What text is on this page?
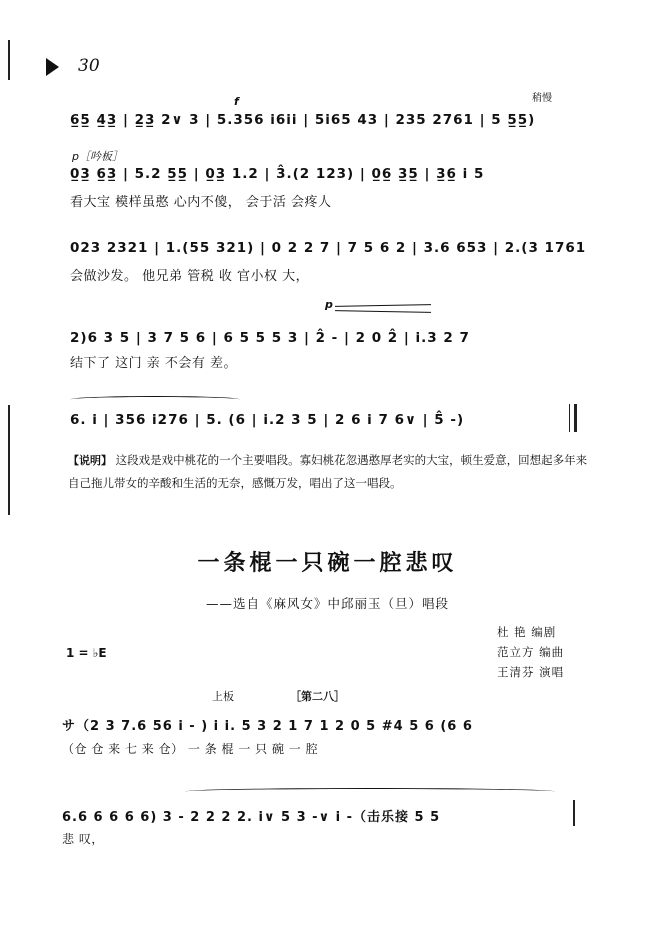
30
f	稍慢
6̲5̲ 4̲3̲ | 2̲3̲ 2∨ 3 | 5.356 i6ii | 5i65 43 | 235 2761 | 5 5̲5̲)
p［吟板］
0̲3̲ 6̲3̲ | 5.2 5̲5̲ | 0̲3̲ 1.2 | 3̂.(2 123) | 0̲6̲ 3̲5̲ | 3̲6̲ i 5
看大宝 模样虽憨 心内不傻， 会于活 会疼人
023 2321 | 1.(55 321) | 0 2 2 7 | 7 5 6 2 | 3.6 653 | 2.(3 1761
会做沙发。 他兄弟 管税 收 官小权 大，
p
2)6 3 5 | 3 7 5 6 | 6 5 5 5 3 | 2̂ - | 2 0 2̂ | i.3 2 7
结下了 这门 亲 不会有 差。
6. i | 356 i276 | 5. (6 | i.2 3 5 | 2 6 i 7 6∨ | 5̂ -)
【说明】 这段戏是戏中桃花的一个主要唱段。寡妇桃花忽遇憨厚老实的大宝，顿生爱意，回想起多年来自己拖儿带女的辛酸和生活的无奈，感慨万发，唱出了这一唱段。
一条棍一只碗一腔悲叹
——选自《麻风女》中邱丽玉（旦）唱段
杜 艳 编剧
范立方 编曲
王清芬 演唱
1 = ♭E
上板	［第二八］
サ（2 3 7.6 56 i - ) i i. 5 3 2 1 7 1 2 0 5 #4 5 6 (6 6
（仓 仓 来 七 来 仓） 一 条 棍 一 只 碗 一 腔
6.6 6 6 6 6) 3 - 2 2 2 2. i∨ 5 3 -∨ i -（击乐接 5 5
悲 叹，
